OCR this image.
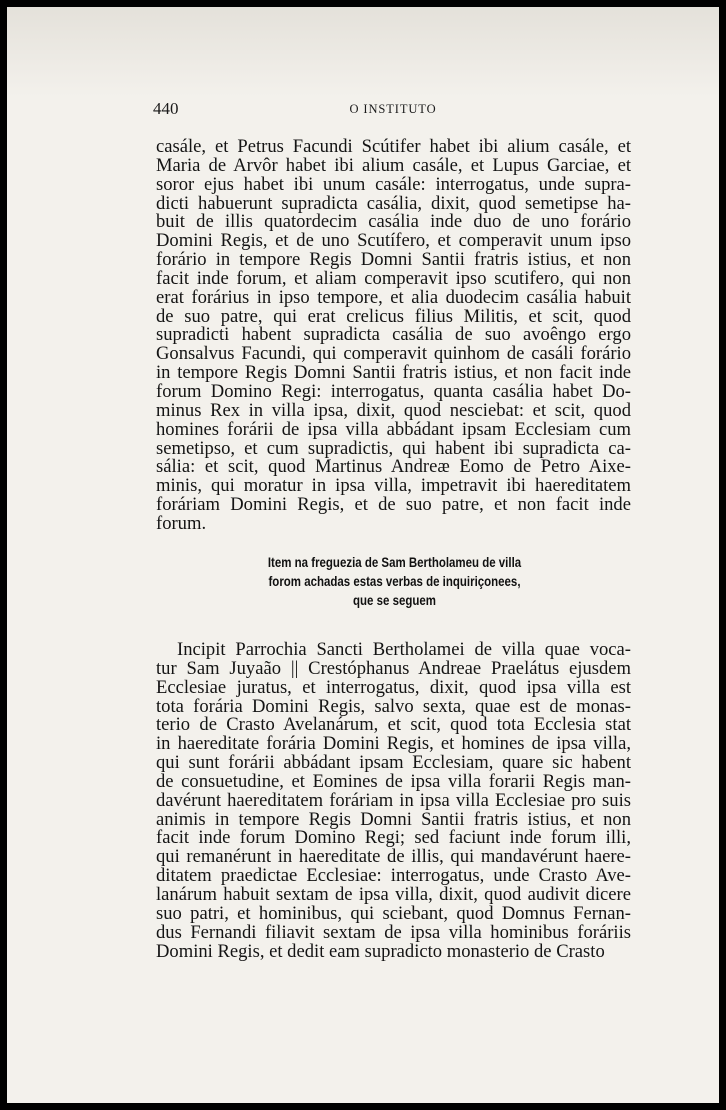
440	O INSTITUTO
casále, et Petrus Facundi Scútifer habet ibi alium casále, et
Maria de Arvôr habet ibi alium casále, et Lupus Garciae, et
soror ejus habet ibi unum casále: interrogatus, unde supra-
dicti habuerunt supradicta casália, dixit, quod semetipse ha-
buit de illis quatordecim casália inde duo de uno forário
Domini Regis, et de uno Scutífero, et comperavit unum ipso
forário in tempore Regis Domni Santii fratris istius, et non
facit inde forum, et aliam comperavit ipso scutifero, qui non
erat forárius in ipso tempore, et alia duodecim casália habuit
de suo patre, qui erat crelicus filius Militis, et scit, quod
supradicti habent supradicta casália de suo avoêngo ergo
Gonsalvus Facundi, qui comperavit quinhom de casáli forário
in tempore Regis Domni Santii fratris istius, et non facit inde
forum Domino Regi: interrogatus, quanta casália habet Do-
minus Rex in villa ipsa, dixit, quod nesciebat: et scit, quod
homines forárii de ipsa villa abbádant ipsam Ecclesiam cum
semetipso, et cum supradictis, qui habent ibi supradicta ca-
sália: et scit, quod Martinus Andreæ Eomo de Petro Aixe-
minis, qui moratur in ipsa villa, impetravit ibi haereditatem
foráriam Domini Regis, et de suo patre, et non facit inde
forum.
Item na freguezia de Sam Bertholameu de villa
forom achadas estas verbas de inquiriçonees,
que se seguem
Incipit Parrochia Sancti Bertholamei de villa quae voca-
tur Sam Juyaão || Crestóphanus Andreae Praelátus ejusdem
Ecclesiae juratus, et interrogatus, dixit, quod ipsa villa est
tota forária Domini Regis, salvo sexta, quae est de monas-
terio de Crasto Avelanárum, et scit, quod tota Ecclesia stat
in haereditate forária Domini Regis, et homines de ipsa villa,
qui sunt forárii abbádant ipsam Ecclesiam, quare sic habent
de consuetudine, et Eomines de ipsa villa forarii Regis man-
davérunt haereditatem foráriam in ipsa villa Ecclesiae pro suis
animis in tempore Regis Domni Santii fratris istius, et non
facit inde forum Domino Regi; sed faciunt inde forum illi,
qui remanérunt in haereditate de illis, qui mandavérunt haere-
ditatem praedictae Ecclesiae: interrogatus, unde Crasto Ave-
lanárum habuit sextam de ipsa villa, dixit, quod audivit dicere
suo patri, et hominibus, qui sciebant, quod Domnus Fernan-
dus Fernandi filiavit sextam de ipsa villa hominibus foráriis
Domini Regis, et dedit eam supradicto monasterio de Crasto
